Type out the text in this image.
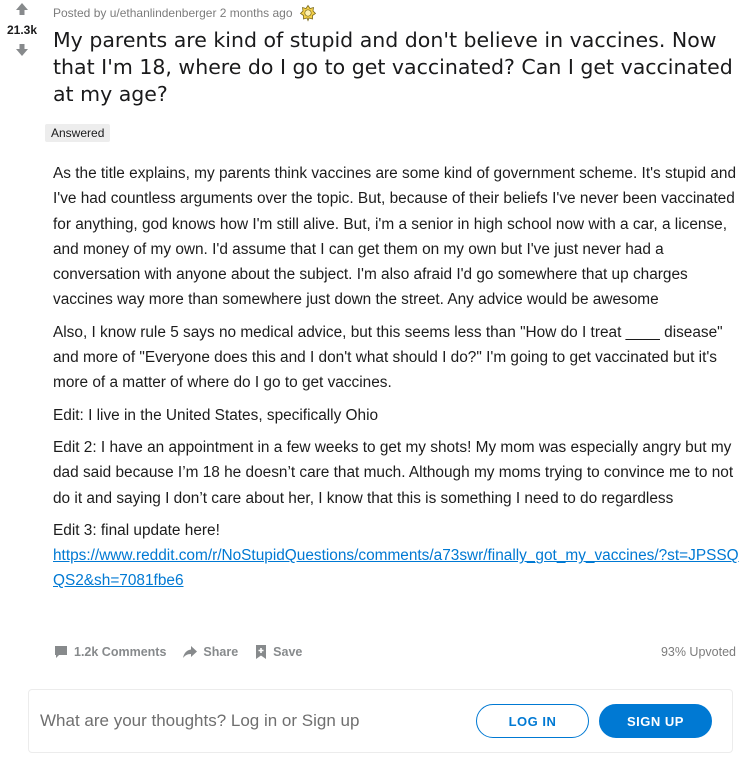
21.3k
Posted by u/ethanlindenberger 2 months ago
My parents are kind of stupid and don't believe in vaccines. Now that I'm 18, where do I go to get vaccinated? Can I get vaccinated at my age?
Answered

As the title explains, my parents think vaccines are some kind of government scheme. It's stupid and I've had countless arguments over the topic. But, because of their beliefs I've never been vaccinated for anything, god knows how I'm still alive. But, i'm a senior in high school now with a car, a license, and money of my own. I'd assume that I can get them on my own but I've just never had a conversation with anyone about the subject. I'm also afraid I'd go somewhere that up charges vaccines way more than somewhere just down the street. Any advice would be awesome

Also, I know rule 5 says no medical advice, but this seems less than "How do I treat ____ disease" and more of "Everyone does this and I don't what should I do?" I'm going to get vaccinated but it's more of a matter of where do I go to get vaccines.

Edit: I live in the United States, specifically Ohio

Edit 2: I have an appointment in a few weeks to get my shots! My mom was especially angry but my dad said because I’m 18 he doesn’t care that much. Although my moms trying to convince me to not do it and saying I don’t care about her, I know that this is something I need to do regardless

Edit 3: final update here!
https://www.reddit.com/r/NoStupidQuestions/comments/a73swr/finally_got_my_vaccines/?st=JPSSQQS2&sh=7081fbe6

1.2k Comments	Share	Save	93% Upvoted
What are your thoughts? Log in or Sign up	LOG IN	SIGN UP
